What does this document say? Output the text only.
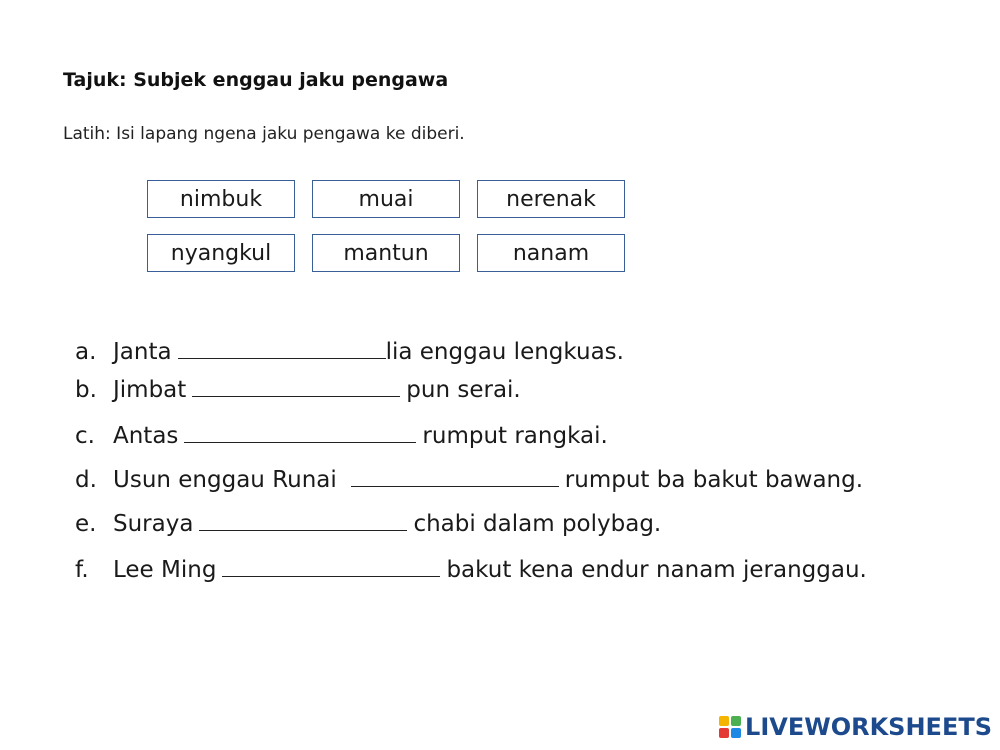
Tajuk: Subjek enggau jaku pengawa
Latih: Isi lapang ngena jaku pengawa ke diberi.
nimbuk	muai	nerenak
nyangkul	mantun	nanam
a. Janta	lia enggau lengkuas.
b. Jimbat	pun serai.
c. Antas	rumput rangkai.
d. Usun enggau Runai	rumput ba bakut bawang.
e. Suraya	chabi dalam polybag.
f.	Lee Ming	bakut kena endur nanam jeranggau.
LIVEWORKSHEETS
